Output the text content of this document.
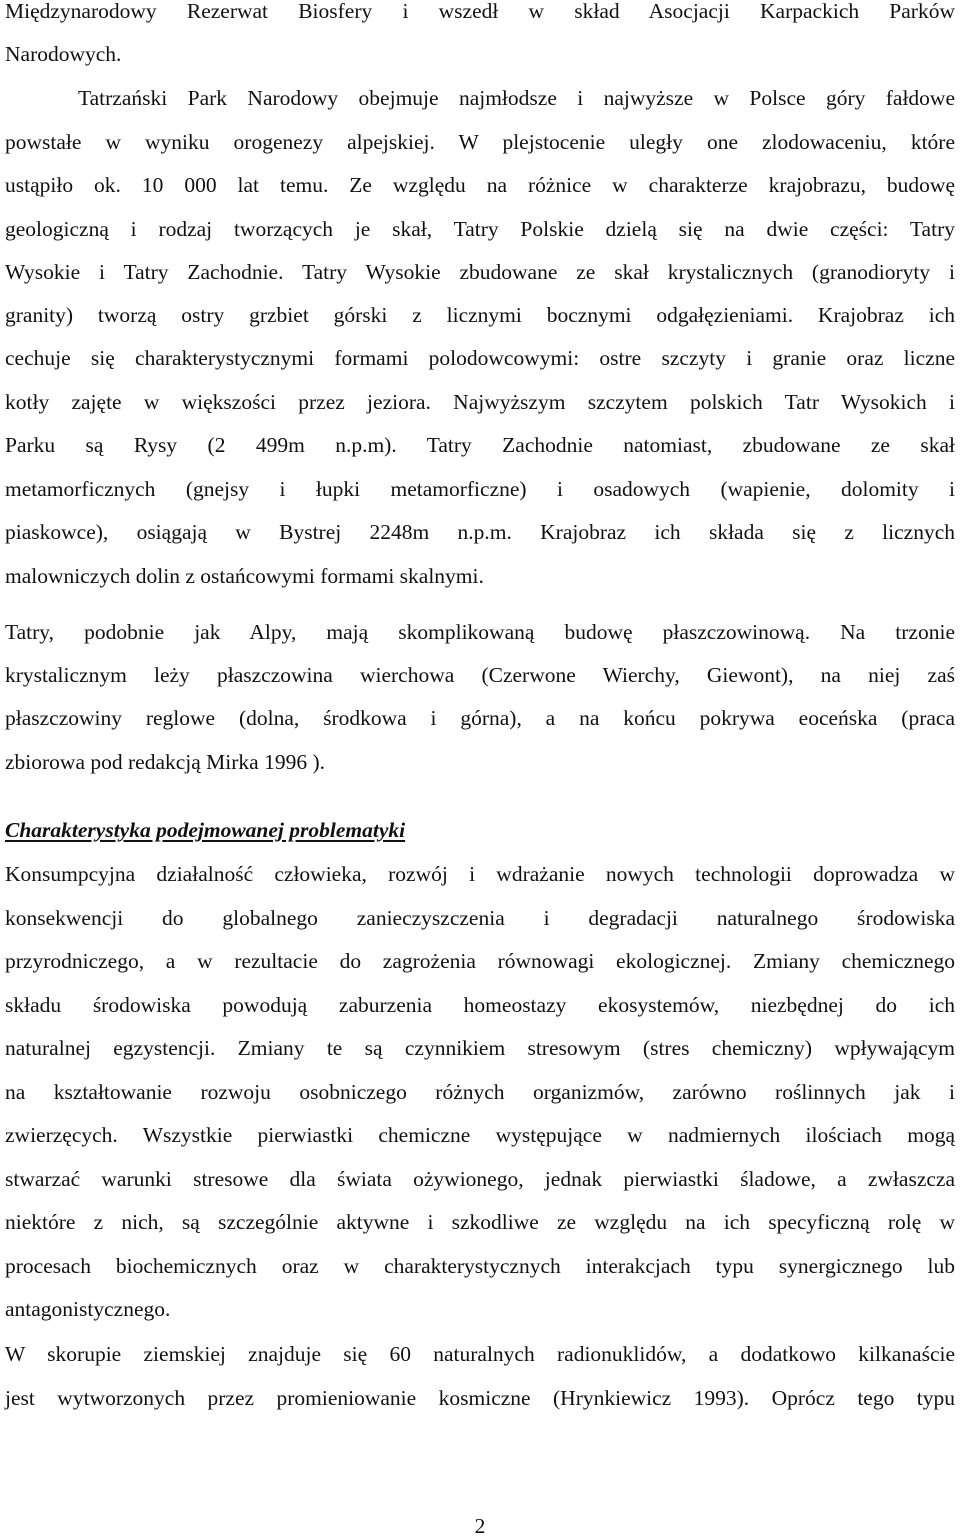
Międzynarodowy Rezerwat Biosfery i wszedł w skład Asocjacji Karpackich Parków
Narodowych.
Tatrzański Park Narodowy obejmuje najmłodsze i najwyższe w Polsce góry fałdowe
powstałe w wyniku orogenezy alpejskiej. W plejstocenie uległy one zlodowaceniu, które
ustąpiło ok. 10 000 lat temu. Ze względu na różnice w charakterze krajobrazu, budowę
geologiczną i rodzaj tworzących je skał, Tatry Polskie dzielą się na dwie części: Tatry
Wysokie i Tatry Zachodnie. Tatry Wysokie zbudowane ze skał krystalicznych (granodioryty i
granity) tworzą ostry grzbiet górski z licznymi bocznymi odgałęzieniami. Krajobraz ich
cechuje się charakterystycznymi formami polodowcowymi: ostre szczyty i granie oraz liczne
kotły zajęte w większości przez jeziora. Najwyższym szczytem polskich Tatr Wysokich i
Parku są Rysy (2 499m n.p.m). Tatry Zachodnie natomiast, zbudowane ze skał
metamorficznych (gnejsy i łupki metamorficzne) i osadowych (wapienie, dolomity i
piaskowce), osiągają w Bystrej 2248m n.p.m. Krajobraz ich składa się z licznych
malowniczych dolin z ostańcowymi formami skalnymi.
Tatry, podobnie jak Alpy, mają skomplikowaną budowę płaszczowinową. Na trzonie
krystalicznym leży płaszczowina wierchowa (Czerwone Wierchy, Giewont), na niej zaś
płaszczowiny reglowe (dolna, środkowa i górna), a na końcu pokrywa eoceńska (praca
zbiorowa pod redakcją Mirka 1996 ).
Charakterystyka podejmowanej problematyki
Konsumpcyjna działalność człowieka, rozwój i wdrażanie nowych technologii doprowadza w
konsekwencji do globalnego zanieczyszczenia i degradacji naturalnego środowiska
przyrodniczego, a w rezultacie do zagrożenia równowagi ekologicznej. Zmiany chemicznego
składu środowiska powodują zaburzenia homeostazy ekosystemów, niezbędnej do ich
naturalnej egzystencji. Zmiany te są czynnikiem stresowym (stres chemiczny) wpływającym
na kształtowanie rozwoju osobniczego różnych organizmów, zarówno roślinnych jak i
zwierzęcych. Wszystkie pierwiastki chemiczne występujące w nadmiernych ilościach mogą
stwarzać warunki stresowe dla świata ożywionego, jednak pierwiastki śladowe, a zwłaszcza
niektóre z nich, są szczególnie aktywne i szkodliwe ze względu na ich specyficzną rolę w
procesach biochemicznych oraz w charakterystycznych interakcjach typu synergicznego lub
antagonistycznego.
W skorupie ziemskiej znajduje się 60 naturalnych radionuklidów, a dodatkowo kilkanaście
jest wytworzonych przez promieniowanie kosmiczne (Hrynkiewicz 1993). Oprócz tego typu
2
